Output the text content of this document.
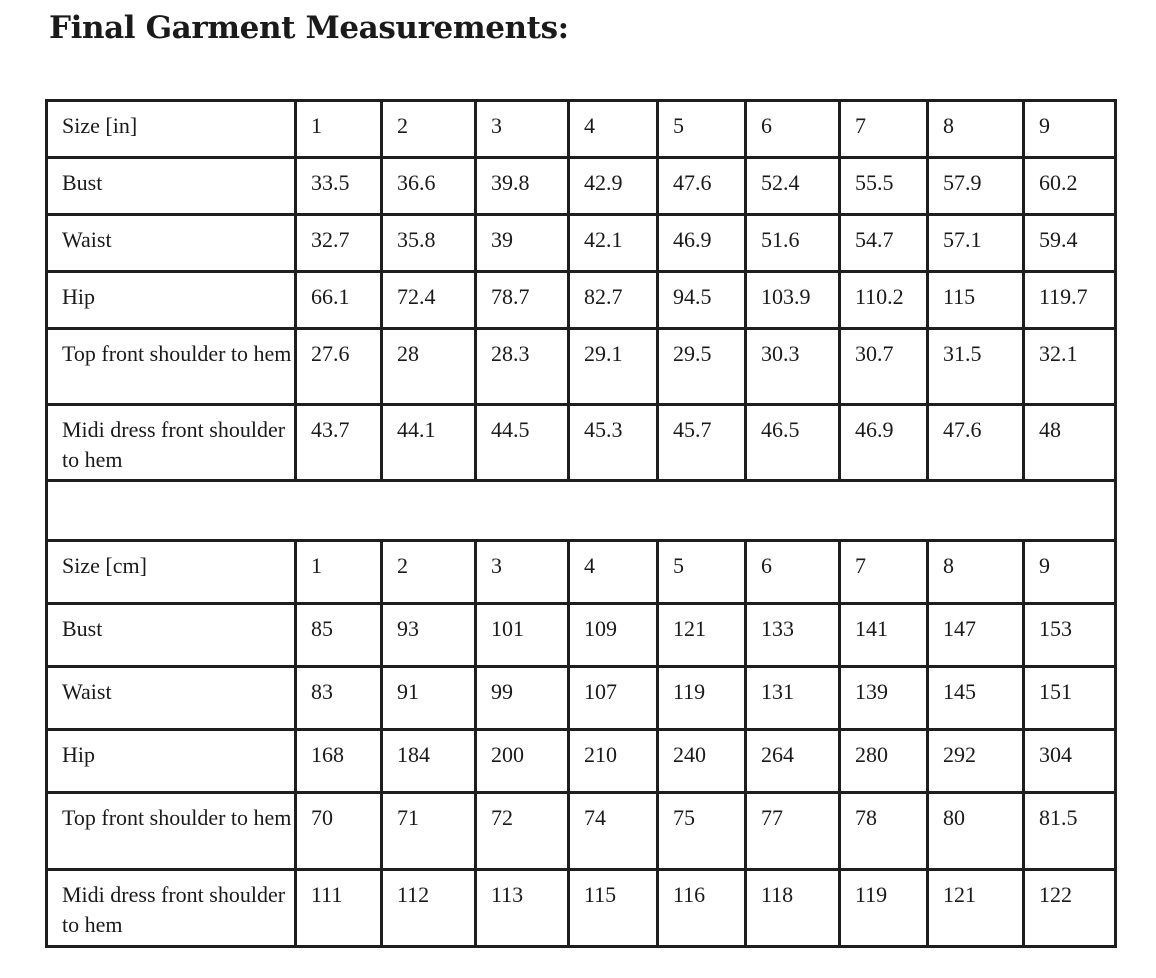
Final Garment Measurements:
Size [in]	1	2	3	4	5	6	7	8	9
Bust	33.5	36.6	39.8	42.9	47.6	52.4	55.5	57.9	60.2
Waist	32.7	35.8	39	42.1	46.9	51.6	54.7	57.1	59.4
Hip	66.1	72.4	78.7	82.7	94.5	103.9	110.2	115	119.7
Top front shoulder to hem	27.6	28	28.3	29.1	29.5	30.3	30.7	31.5	32.1
Midi dress front shoulder to hem	43.7	44.1	44.5	45.3	45.7	46.5	46.9	47.6	48

Size [cm]	1	2	3	4	5	6	7	8	9
Bust	85	93	101	109	121	133	141	147	153
Waist	83	91	99	107	119	131	139	145	151
Hip	168	184	200	210	240	264	280	292	304
Top front shoulder to hem	70	71	72	74	75	77	78	80	81.5
Midi dress front shoulder to hem	111	112	113	115	116	118	119	121	122
